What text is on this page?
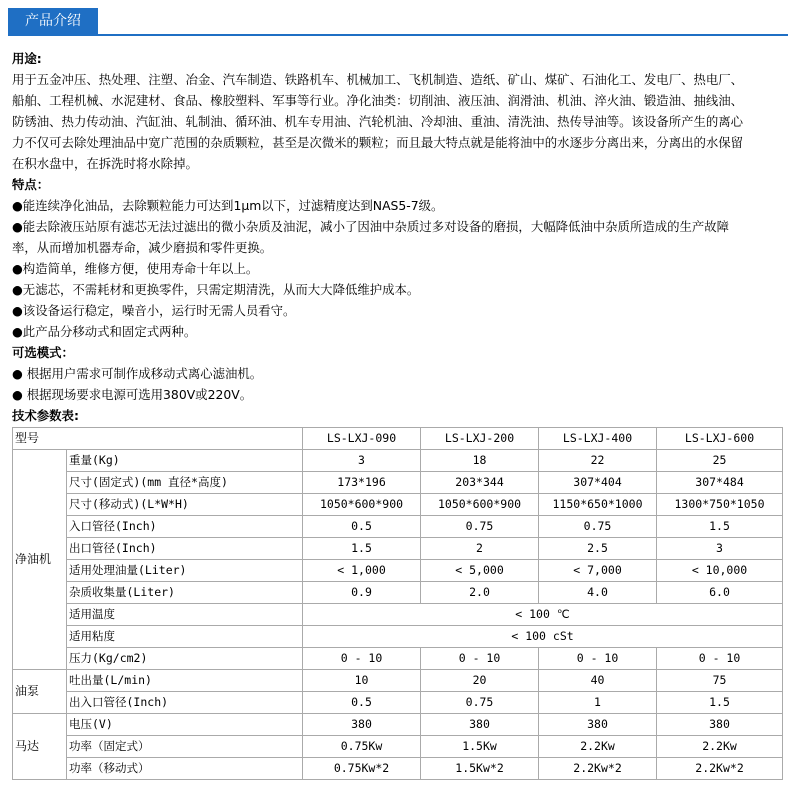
产品介绍
用途:

用于五金冲压、热处理、注塑、冶金、汽车制造、铁路机车、机械加工、飞机制造、造纸、矿山、煤矿、石油化工、发电厂、热电厂、

船舶、工程机械、水泥建材、食品、橡胶塑料、军事等行业。净化油类：切削油、液压油、润滑油、机油、淬火油、锻造油、抽线油、

防锈油、热力传动油、汽缸油、轧制油、循环油、机车专用油、汽轮机油、冷却油、重油、清洗油、热传导油等。该设备所产生的离心

力不仅可去除处理油品中宽广范围的杂质颗粒，甚至是次微米的颗粒；而且最大特点就是能将油中的水逐步分离出来，分离出的水保留

在积水盘中，在拆洗时将水除掉。

特点：

●能连续净化油品，去除颗粒能力可达到1μm以下，过滤精度达到NAS5-7级。

●能去除液压站原有滤芯无法过滤出的微小杂质及油泥，减小了因油中杂质过多对设备的磨损，大幅降低油中杂质所造成的生产故障

率，从而增加机器寿命，减少磨损和零件更换。

●构造简单，维修方便，使用寿命十年以上。

●无滤芯，不需耗材和更换零件，只需定期清洗，从而大大降低维护成本。

●该设备运行稳定，噪音小，运行时无需人员看守。

●此产品分移动式和固定式两种。

可选模式：

● 根据用户需求可制作成移动式离心滤油机。

● 根据现场要求电源可选用380V或220V。

技术参数表:
型号		LS-LXJ-090	LS-LXJ-200	LS-LXJ-400	LS-LXJ-600
净油机	重量(Kg)	3	18	22	25
	尺寸(固定式)(mm 直径*高度)	173*196	203*344	307*404	307*484
	尺寸(移动式)(L*W*H)	1050*600*900	1050*600*900	1150*650*1000	1300*750*1050
	入口管径(Inch)	0.5	0.75	0.75	1.5
	出口管径(Inch)	1.5	2	2.5	3
	适用处理油量(Liter)	< 1,000	< 5,000	< 7,000	< 10,000
	杂质收集量(Liter)	0.9	2.0	4.0	6.0
	适用温度	< 100 ℃			
	适用粘度	< 100 cSt			
	压力(Kg/cm2)	0 - 10	0 - 10	0 - 10	0 - 10
油泵	吐出量(L/min)	10	20	40	75
	出入口管径(Inch)	0.5	0.75	1	1.5
马达	电压(V)	380	380	380	380
	功率（固定式）	0.75Kw	1.5Kw	2.2Kw	2.2Kw
	功率（移动式）	0.75Kw*2	1.5Kw*2	2.2Kw*2	2.2Kw*2
